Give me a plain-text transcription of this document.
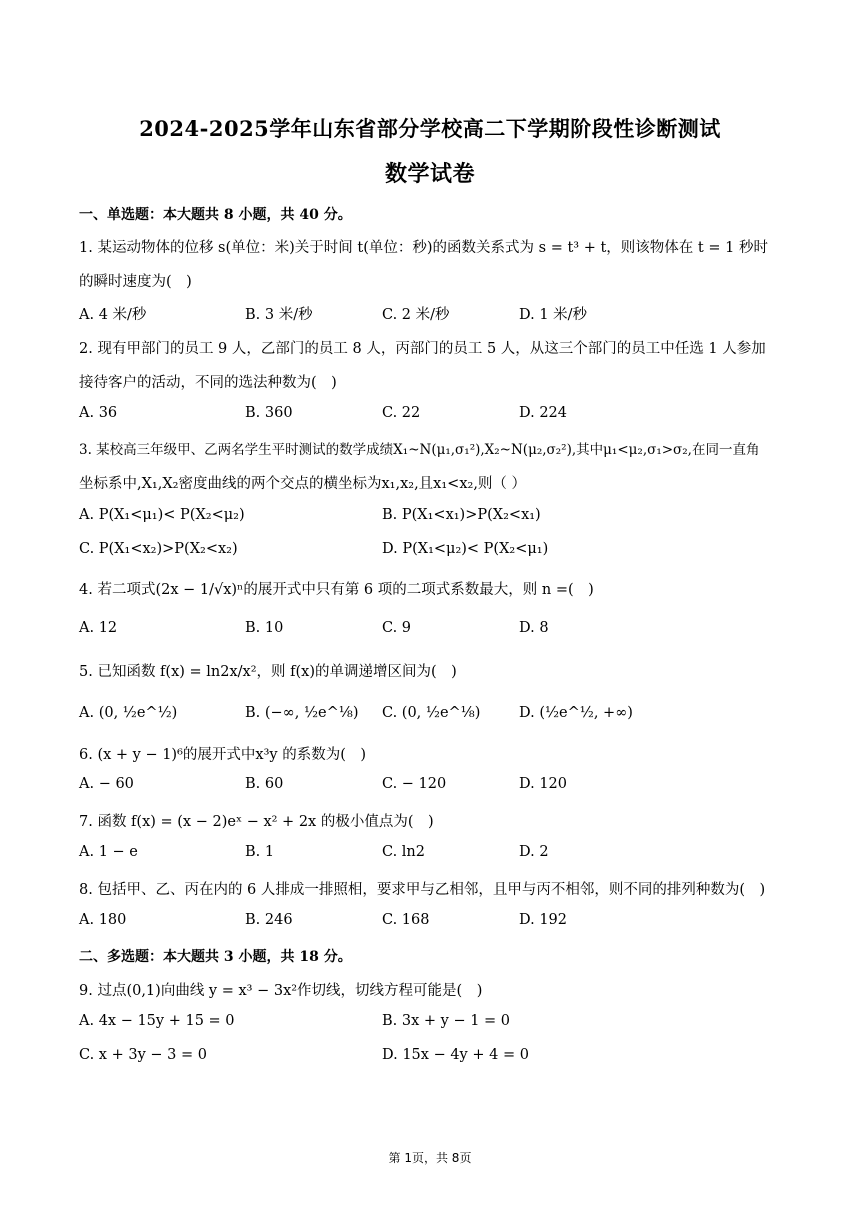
2024-2025学年山东省部分学校高二下学期阶段性诊断测试
数学试卷
一、单选题：本大题共 8 小题，共 40 分。
1. 某运动物体的位移 s(单位：米)关于时间 t(单位：秒)的函数关系式为 s = t³ + t，则该物体在 t = 1 秒时
的瞬时速度为(　)
A. 4 米/秒	B. 3 米/秒	C. 2 米/秒	D. 1 米/秒
2. 现有甲部门的员工 9 人，乙部门的员工 8 人，丙部门的员工 5 人，从这三个部门的员工中任选 1 人参加
接待客户的活动，不同的选法种数为(　)
A. 36	B. 360	C. 22	D. 224
3. 某校高三年级甲、乙两名学生平时测试的数学成绩X₁~N(μ₁,σ₁²),X₂~N(μ₂,σ₂²),其中μ₁<μ₂,σ₁>σ₂,在同一直角
坐标系中,X₁,X₂密度曲线的两个交点的横坐标为x₁,x₂,且x₁<x₂,则（ ）
A. P(X₁<μ₁)< P(X₂<μ₂)	B. P(X₁<x₁)>P(X₂<x₁)
C. P(X₁<x₂)>P(X₂<x₂)	D. P(X₁<μ₂)< P(X₂<μ₁)
4. 若二项式(2x − 1/√x)ⁿ的展开式中只有第 6 项的二项式系数最大，则 n =(　)
A. 12	B. 10	C. 9	D. 8
5. 已知函数 f(x) = ln2x/x²，则 f(x)的单调递增区间为(　)
A. (0, ½e^½)	B. (−∞, ½e^⅛) C. (0, ½e^⅛)	D. (½e^½, +∞)
6. (x + y − 1)⁶的展开式中x³y 的系数为(　)
A. − 60	B. 60	C. − 120	D. 120
7. 函数 f(x) = (x − 2)eˣ − x² + 2x 的极小值点为(　)
A. 1 − e	B. 1	C. ln2	D. 2
8. 包括甲、乙、丙在内的 6 人排成一排照相，要求甲与乙相邻，且甲与丙不相邻，则不同的排列种数为(　)
A. 180	B. 246	C. 168	D. 192
二、多选题：本大题共 3 小题，共 18 分。
9. 过点(0,1)向曲线 y = x³ − 3x²作切线，切线方程可能是(　)
A. 4x − 15y + 15 = 0	B. 3x + y − 1 = 0
C. x + 3y − 3 = 0	D. 15x − 4y + 4 = 0
第 1页，共 8页
